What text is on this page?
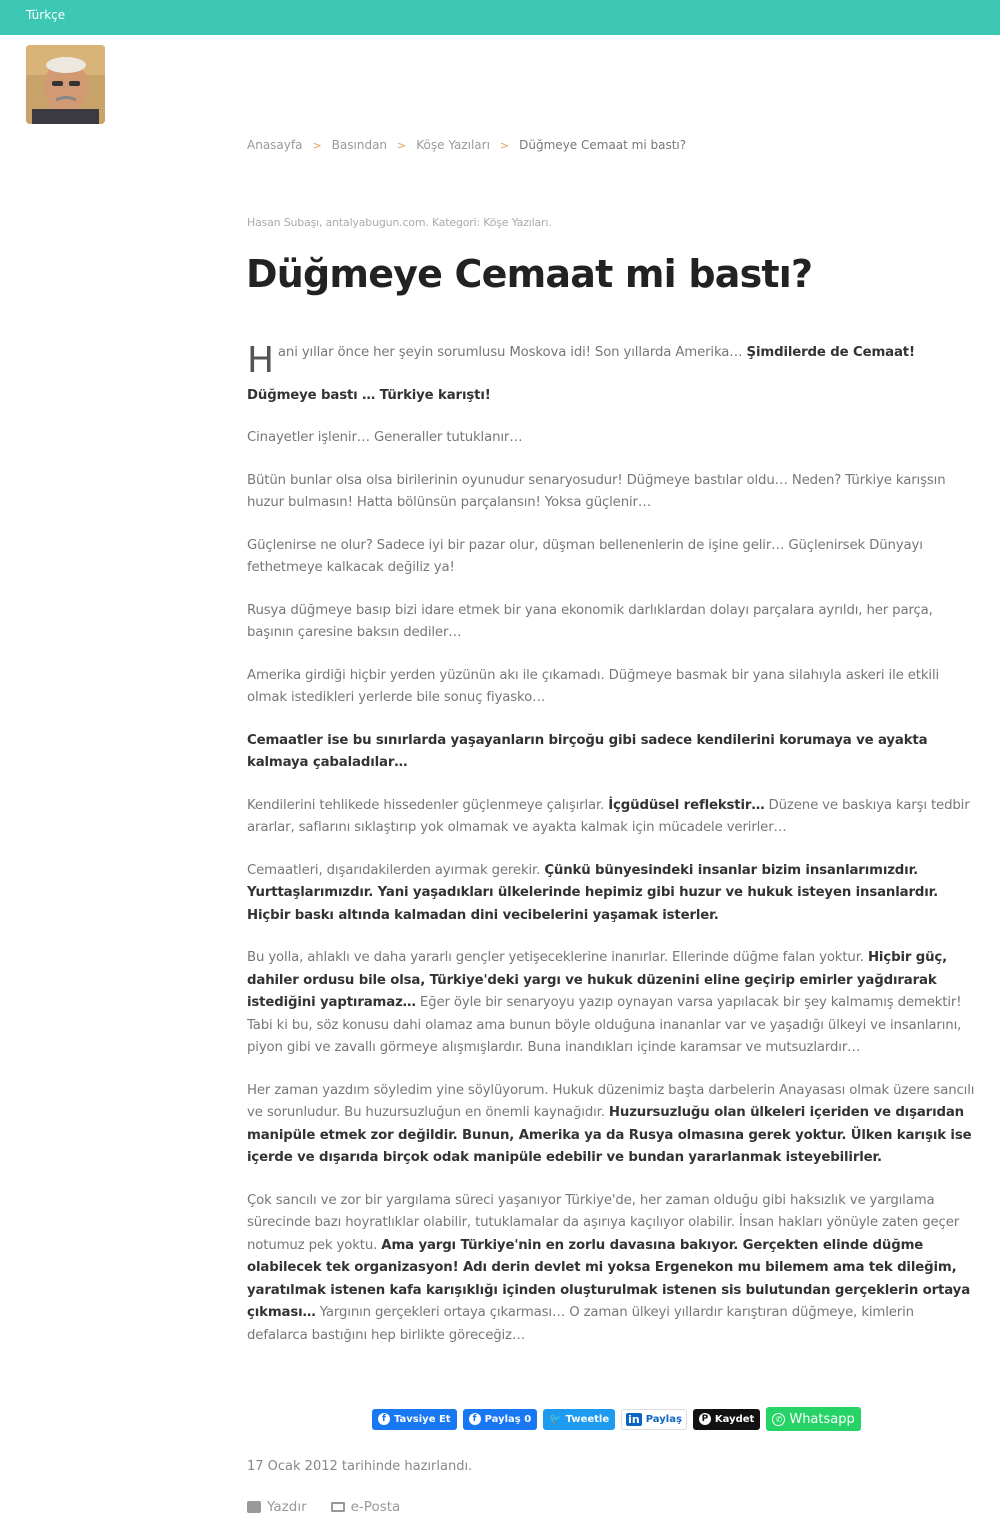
Türkçe
Anasayfa > Basından > Köşe Yazıları > Düğmeye Cemaat mi bastı?
Hasan Subaşı, antalyabugun.com. Kategori: Köşe Yazıları.
Düğmeye Cemaat mi bastı?

Hani yıllar önce her şeyin sorumlusu Moskova idi! Son yıllarda Amerika… Şimdilerde de Cemaat!

Düğmeye bastı … Türkiye karıştı!

Cinayetler işlenir… Generaller tutuklanır…

Bütün bunlar olsa olsa birilerinin oyunudur senaryosudur! Düğmeye bastılar oldu… Neden? Türkiye karışsın huzur bulmasın! Hatta bölünsün parçalansın! Yoksa güçlenir…

Güçlenirse ne olur? Sadece iyi bir pazar olur, düşman bellenenlerin de işine gelir… Güçlenirsek Dünyayı fethetmeye kalkacak değiliz ya!

Rusya düğmeye basıp bizi idare etmek bir yana ekonomik darlıklardan dolayı parçalara ayrıldı, her parça, başının çaresine baksın dediler…

Amerika girdiği hiçbir yerden yüzünün akı ile çıkamadı. Düğmeye basmak bir yana silahıyla askeri ile etkili olmak istedikleri yerlerde bile sonuç fiyasko…

Cemaatler ise bu sınırlarda yaşayanların birçoğu gibi sadece kendilerini korumaya ve ayakta kalmaya çabaladılar…

Kendilerini tehlikede hissedenler güçlenmeye çalışırlar. İçgüdüsel reflekstir… Düzene ve baskıya karşı tedbir ararlar, saflarını sıklaştırıp yok olmamak ve ayakta kalmak için mücadele verirler…

Cemaatleri, dışarıdakilerden ayırmak gerekir. Çünkü bünyesindeki insanlar bizim insanlarımızdır. Yurttaşlarımızdır. Yani yaşadıkları ülkelerinde hepimiz gibi huzur ve hukuk isteyen insanlardır. Hiçbir baskı altında kalmadan dini vecibelerini yaşamak isterler.

Bu yolla, ahlaklı ve daha yararlı gençler yetişeceklerine inanırlar. Ellerinde düğme falan yoktur. Hiçbir güç, dahiler ordusu bile olsa, Türkiye'deki yargı ve hukuk düzenini eline geçirip emirler yağdırarak istediğini yaptıramaz… Eğer öyle bir senaryoyu yazıp oynayan varsa yapılacak bir şey kalmamış demektir! Tabi ki bu, söz konusu dahi olamaz ama bunun böyle olduğuna inananlar var ve yaşadığı ülkeyi ve insanlarını, piyon gibi ve zavallı görmeye alışmışlardır. Buna inandıkları içinde karamsar ve mutsuzlardır…

Her zaman yazdım söyledim yine söylüyorum. Hukuk düzenimiz başta darbelerin Anayasası olmak üzere sancılı ve sorunludur. Bu huzursuzluğun en önemli kaynağıdır. Huzursuzluğu olan ülkeleri içeriden ve dışarıdan manipüle etmek zor değildir. Bunun, Amerika ya da Rusya olmasına gerek yoktur. Ülken karışık ise içerde ve dışarıda birçok odak manipüle edebilir ve bundan yararlanmak isteyebilirler.

Çok sancılı ve zor bir yargılama süreci yaşanıyor Türkiye'de, her zaman olduğu gibi haksızlık ve yargılama sürecinde bazı hoyratlıklar olabilir, tutuklamalar da aşırıya kaçılıyor olabilir. İnsan hakları yönüyle zaten geçer notumuz pek yoktu. Ama yargı Türkiye'nin en zorlu davasına bakıyor. Gerçekten elinde düğme olabilecek tek organizasyon! Adı derin devlet mi yoksa Ergenekon mu bilemem ama tek dileğim, yaratılmak istenen kafa karışıklığı içinden oluşturulmak istenen sis bulutundan gerçeklerin ortaya çıkması… Yargının gerçekleri ortaya çıkarması… O zaman ülkeyi yıllardır karıştıran düğmeye, kimlerin defalarca bastığını hep birlikte göreceğiz…

f Tavsiye Et	f Paylaş 0 🐦 Tweetle in Paylaş P Kaydet	✆ Whatsapp
17 Ocak 2012 tarihinde hazırlandı.
Yazdır	e-Posta
